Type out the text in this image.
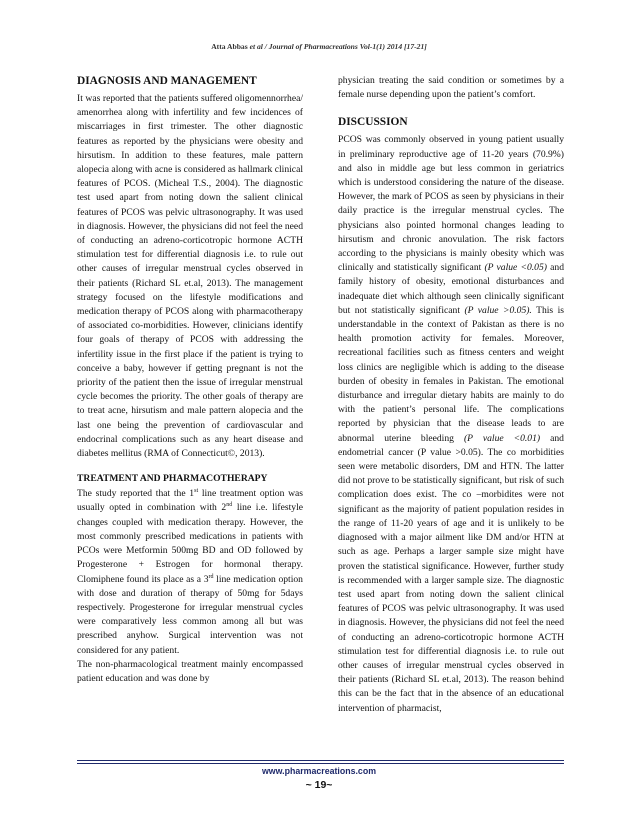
Atta Abbas et al / Journal of Pharmacreations Vol-1(1) 2014 [17-21]
DIAGNOSIS AND MANAGEMENT

It was reported that the patients suffered oligomennorrhea/ amenorrhea along with infertility and few incidences of miscarriages in first trimester. The other diagnostic features as reported by the physicians were obesity and hirsutism. In addition to these features, male pattern alopecia along with acne is considered as hallmark clinical features of PCOS. (Micheal T.S., 2004). The diagnostic test used apart from noting down the salient clinical features of PCOS was pelvic ultrasonography. It was used in diagnosis. However, the physicians did not feel the need of conducting an adreno-corticotropic hormone ACTH stimulation test for differential diagnosis i.e. to rule out other causes of irregular menstrual cycles observed in their patients (Richard SL et.al, 2013). The management strategy focused on the lifestyle modifications and medication therapy of PCOS along with pharmacotherapy of associated co-morbidities. However, clinicians identify four goals of therapy of PCOS with addressing the infertility issue in the first place if the patient is trying to conceive a baby, however if getting pregnant is not the priority of the patient then the issue of irregular menstrual cycle becomes the priority. The other goals of therapy are to treat acne, hirsutism and male pattern alopecia and the last one being the prevention of cardiovascular and endocrinal complications such as any heart disease and diabetes mellitus (RMA of Connecticut©, 2013).

TREATMENT AND PHARMACOTHERAPY

The study reported that the 1st line treatment option was usually opted in combination with 2nd line i.e. lifestyle changes coupled with medication therapy. However, the most commonly prescribed medications in patients with PCOs were Metformin 500mg BD and OD followed by Progesterone + Estrogen for hormonal therapy. Clomiphene found its place as a 3rd line medication option with dose and duration of therapy of 50mg for 5days respectively. Progesterone for irregular menstrual cycles were comparatively less common among all but was prescribed anyhow. Surgical intervention was not considered for any patient.

The non-pharmacological treatment mainly encompassed patient education and was done by

physician treating the said condition or sometimes by a female nurse depending upon the patient’s comfort.

DISCUSSION

PCOS was commonly observed in young patient usually in preliminary reproductive age of 11-20 years (70.9%) and also in middle age but less common in geriatrics which is understood considering the nature of the disease. However, the mark of PCOS as seen by physicians in their daily practice is the irregular menstrual cycles. The physicians also pointed hormonal changes leading to hirsutism and chronic anovulation. The risk factors according to the physicians is mainly obesity which was clinically and statistically significant (P value <0.05) and family history of obesity, emotional disturbances and inadequate diet which although seen clinically significant but not statistically significant (P value >0.05). This is understandable in the context of Pakistan as there is no health promotion activity for females. Moreover, recreational facilities such as fitness centers and weight loss clinics are negligible which is adding to the disease burden of obesity in females in Pakistan. The emotional disturbance and irregular dietary habits are mainly to do with the patient’s personal life. The complications reported by physician that the disease leads to are abnormal uterine bleeding (P value <0.01) and endometrial cancer (P value >0.05). The co morbidities seen were metabolic disorders, DM and HTN. The latter did not prove to be statistically significant, but risk of such complication does exist. The co –morbidites were not significant as the majority of patient population resides in the range of 11-20 years of age and it is unlikely to be diagnosed with a major ailment like DM and/or HTN at such as age. Perhaps a larger sample size might have proven the statistical significance. However, further study is recommended with a larger sample size. The diagnostic test used apart from noting down the salient clinical features of PCOS was pelvic ultrasonography. It was used in diagnosis. However, the physicians did not feel the need of conducting an adreno-corticotropic hormone ACTH stimulation test for differential diagnosis i.e. to rule out other causes of irregular menstrual cycles observed in their patients (Richard SL et.al, 2013). The reason behind this can be the fact that in the absence of an educational intervention of pharmacist,

www.pharmacreations.com
~ 19~
